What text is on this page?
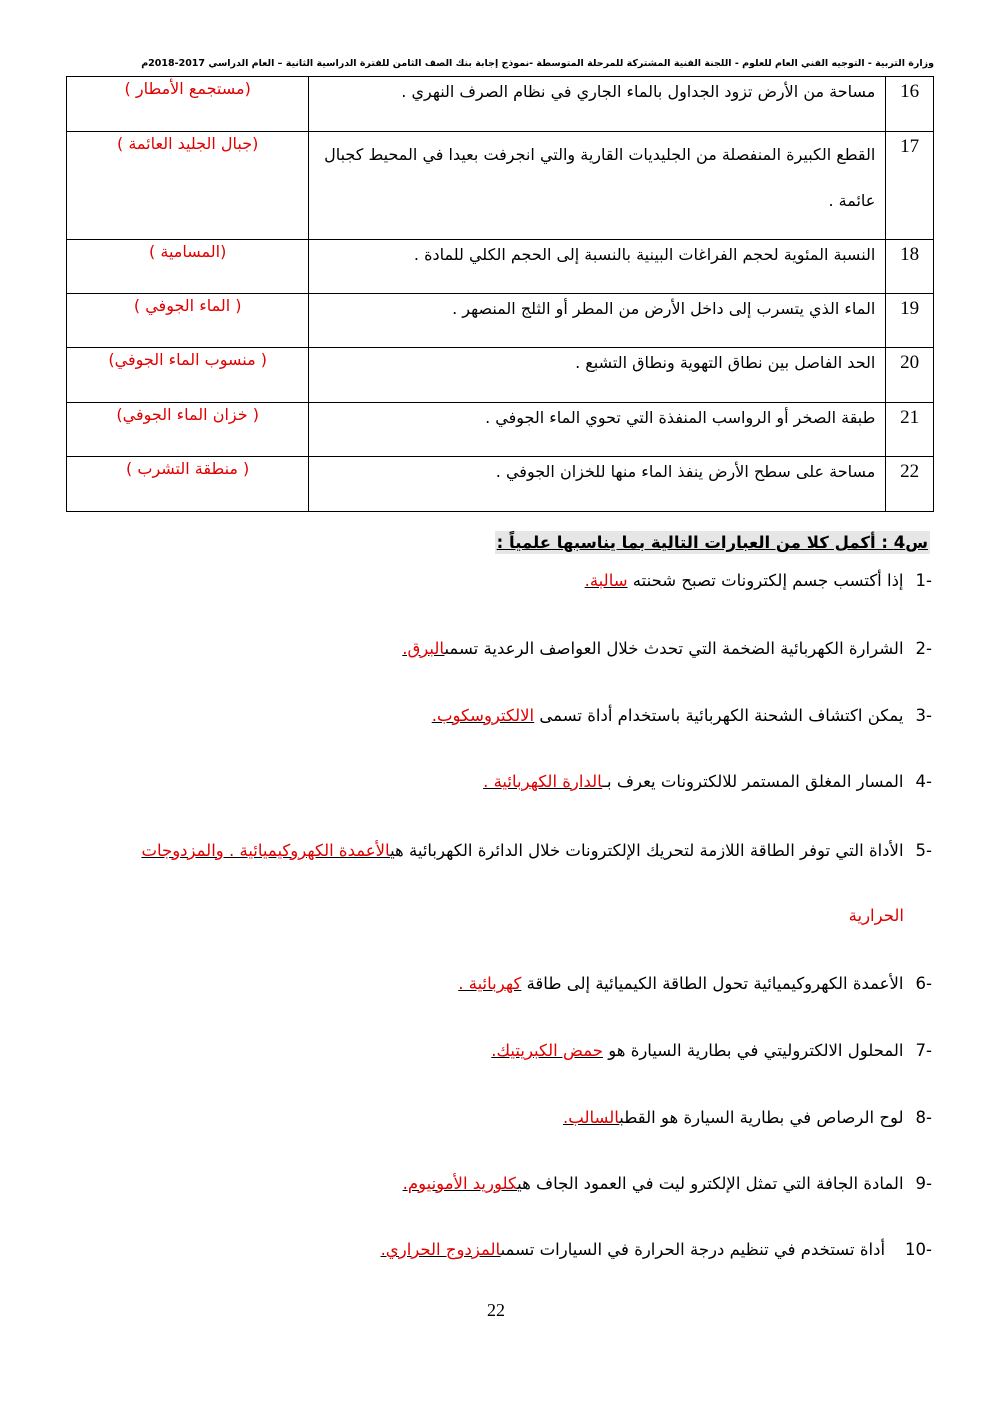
وزارة التربية - التوجيه الفني العام للعلوم - اللجنة الفنية المشتركة للمرحلة المتوسطة -نموذج إجابة بنك الصف الثامن للفترة الدراسية الثانية – العام الدراسي 2017-2018م
16	مساحة من الأرض تزود الجداول بالماء الجاري في نظام الصرف النهري .	(مستجمع الأمطار )
17	القطع الكبيرة المنفصلة من الجليديات القارية والتي انجرفت بعيدا في المحيط كجبال عائمة .	(جبال الجليد العائمة )
18	النسبة المئوية لحجم الفراغات البينية بالنسبة إلى الحجم الكلي للمادة .	(المسامية )
19	الماء الذي يتسرب إلى داخل الأرض من المطر أو الثلج المنصهر .	( الماء الجوفي )
20	الحد الفاصل بين نطاق التهوية ونطاق التشبع .	( منسوب الماء الجوفي)
21	طبقة الصخر أو الرواسب المنفذة التي تحوي الماء الجوفي .	( خزان الماء الجوفي)
22	مساحة على سطح الأرض ينفذ الماء منها للخزان الجوفي .	( منطقة التشرب )
س4 : أكمل كلا من العبارات التالية بما يناسبها علمياً :
-1إذا أكتسب جسم إلكترونات تصبح شحنته سالبة.
-2الشرارة الكهربائية الضخمة التي تحدث خلال العواصف الرعدية تسمىالبرق.
-3يمكن اكتشاف الشحنة الكهربائية باستخدام أداة تسمى الالكتروسكوب.
-4المسار المغلق المستمر للالكترونات يعرف بـالدارة الكهربائية .
-5الأداة التي توفر الطاقة اللازمة لتحريك الإلكترونات خلال الدائرة الكهربائية هيالأعمدة الكهروكيميائية . والمزدوجات
الحرارية
-6الأعمدة الكهروكيميائية تحول الطاقة الكيميائية إلى طاقة كهربائية .
-7المحلول الالكتروليتي في بطارية السيارة هو حمض الكبريتيك.
-8لوح الرصاص في بطارية السيارة هو القطبالسالب.
-9المادة الجافة التي تمثل الإلكترو ليت في العمود الجاف هيكلوريد الأمونيوم.
-10أداة تستخدم في تنظيم درجة الحرارة في السيارات تسمىالمزدوج الحراري.
22
